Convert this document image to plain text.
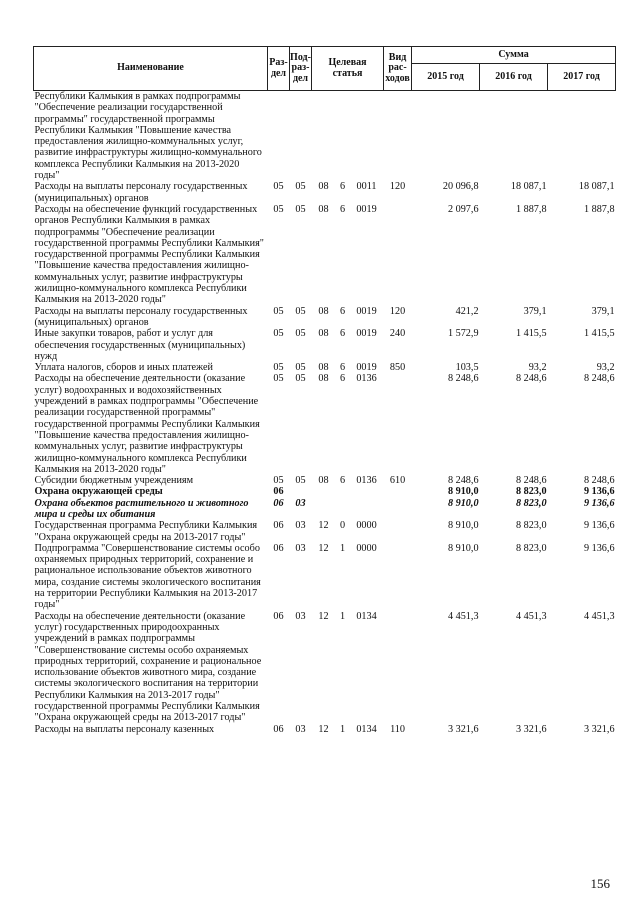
Наименование	Раз-
дел	Под-
раз-
дел	Целевая
статья			Вид
рас-
ходов	Сумма		
							2015 год	2016 год	2017 год
Республики Калмыкия в рамках подпрограммы "Обеспечение реализации государственной программы" государственной программы Республики Калмыкия "Повышение качества предоставления жилищно-коммунальных услуг, развитие инфраструктуры жилищно-коммунального комплекса Республики Калмыкия на 2013-2020 годы"									
Расходы на выплаты персоналу государственных (муниципальных) органов	05	05	08	6	0011	120	20 096,8	18 087,1	18 087,1
Расходы на обеспечение функций государственных органов Республики Калмыкия в рамках подпрограммы "Обеспечение реализации государственной программы Республики Калмыкия" государственной программы Республики Калмыкия "Повышение качества предоставления жилищно-коммунальных услуг, развитие инфраструктуры жилищно-коммунального комплекса Республики Калмыкия на 2013-2020 годы"	05	05	08	6	0019		2 097,6	1 887,8	1 887,8
Расходы на выплаты персоналу государственных (муниципальных) органов	05	05	08	6	0019	120	421,2	379,1	379,1
Иные закупки товаров, работ и услуг для обеспечения государственных (муниципальных) нужд	05	05	08	6	0019	240	1 572,9	1 415,5	1 415,5
Уплата налогов, сборов и иных платежей	05	05	08	6	0019	850	103,5	93,2	93,2
Расходы на обеспечение деятельности (оказание услуг) водоохранных и водохозяйственных учреждений в рамках подпрограммы "Обеспечение реализации государственной программы" государственной программы Республики Калмыкия "Повышение качества предоставления жилищно-коммунальных услуг, развитие инфраструктуры жилищно-коммунального комплекса Республики Калмыкия на 2013-2020 годы"	05	05	08	6	0136		8 248,6	8 248,6	8 248,6
Субсидии бюджетным учреждениям	05	05	08	6	0136	610	8 248,6	8 248,6	8 248,6
Охрана окружающей среды	06						8 910,0	8 823,0	9 136,6
Охрана объектов растительного и животного мира и среды их обитания	06	03					8 910,0	8 823,0	9 136,6
Государственная программа Республики Калмыкия "Охрана окружающей среды на 2013-2017 годы"	06	03	12	0	0000		8 910,0	8 823,0	9 136,6
Подпрограмма "Совершенствование системы особо охраняемых природных территорий, сохранение и рациональное использование объектов животного мира, создание системы экологического воспитания на территории Республики Калмыкия на 2013-2017 годы"	06	03	12	1	0000		8 910,0	8 823,0	9 136,6
Расходы на обеспечение деятельности (оказание услуг) государственных природоохранных учреждений в рамках подпрограммы "Совершенствование системы особо охраняемых природных территорий, сохранение и рациональное использование объектов животного мира, создание системы экологического воспитания на территории Республики Калмыкия на 2013-2017 годы" государственной программы Республики Калмыкия "Охрана окружающей среды на 2013-2017 годы"	06	03	12	1	0134		4 451,3	4 451,3	4 451,3
Расходы на выплаты персоналу казенных	06	03	12	1	0134	110	3 321,6	3 321,6	3 321,6
156
